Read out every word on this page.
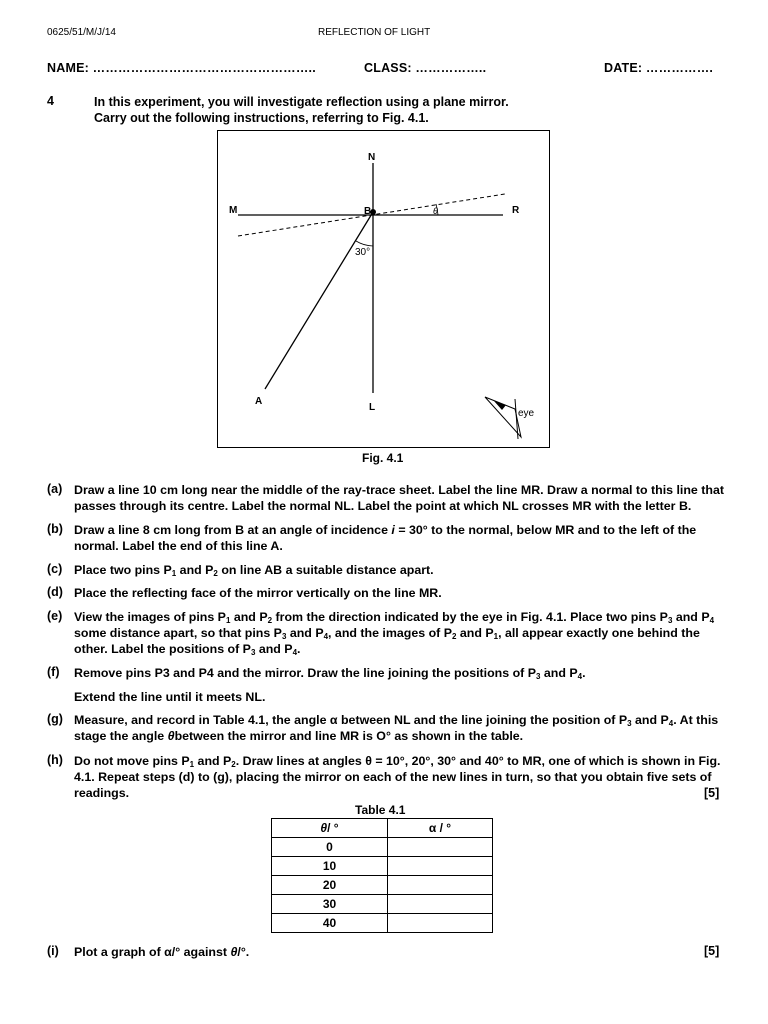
0625/51/M/J/14	REFLECTION OF LIGHT
NAME: ……………………………………………..	CLASS: ……………..	DATE: …………….
4	In this experiment, you will investigate reflection using a plane mirror.
Carry out the following instructions, referring to Fig. 4.1.
N
M	B	R
A
L
θ
30°
eye
Fig. 4.1
(a) Draw a line 10 cm long near the middle of the ray-trace sheet. Label the line MR. Draw a normal to this line that passes through its centre. Label the normal NL. Label the point at which NL crosses MR with the letter B.
(b) Draw a line 8 cm long from B at an angle of incidence i = 30° to the normal, below MR and to the left of the normal. Label the end of this line A.
(c) Place two pins $P_1$ and $P_2$ on line AB a suitable distance apart.
(d) Place the reflecting face of the mirror vertically on the line MR.
(e) View the images of pins $P_1$ and $P_2$ from the direction indicated by the eye in Fig. 4.1. Place two pins $P_3$ and $P_4$ some distance apart, so that pins $P_3$ and $P_4$, and the images of $P_2$ and $P_1$, all appear exactly one behind the other. Label the positions of $P_3$ and $P_4$.
(f) Remove pins P3 and P4 and the mirror. Draw the line joining the positions of $P_3$ and $P_4$.
Extend the line until it meets NL.
(g) Measure, and record in Table 4.1, the angle α between NL and the line joining the position of $P_3$ and $P_4$. At this stage the angle θbetween the mirror and line MR is O° as shown in the table.
(h) Do not move pins $P_1$ and $P_2$. Draw lines at angles θ = 10°, 20°, 30° and 40° to MR, one of which is shown in Fig. 4.1. Repeat steps (d) to (g), placing the mirror on each of the new lines in turn, so that you obtain five sets of readings.	[5]
Table 4.1
θ/ °	α / °
0	
10	
20	
30	
40	
(i) Plot a graph of α/° against θ/°.	[5]
